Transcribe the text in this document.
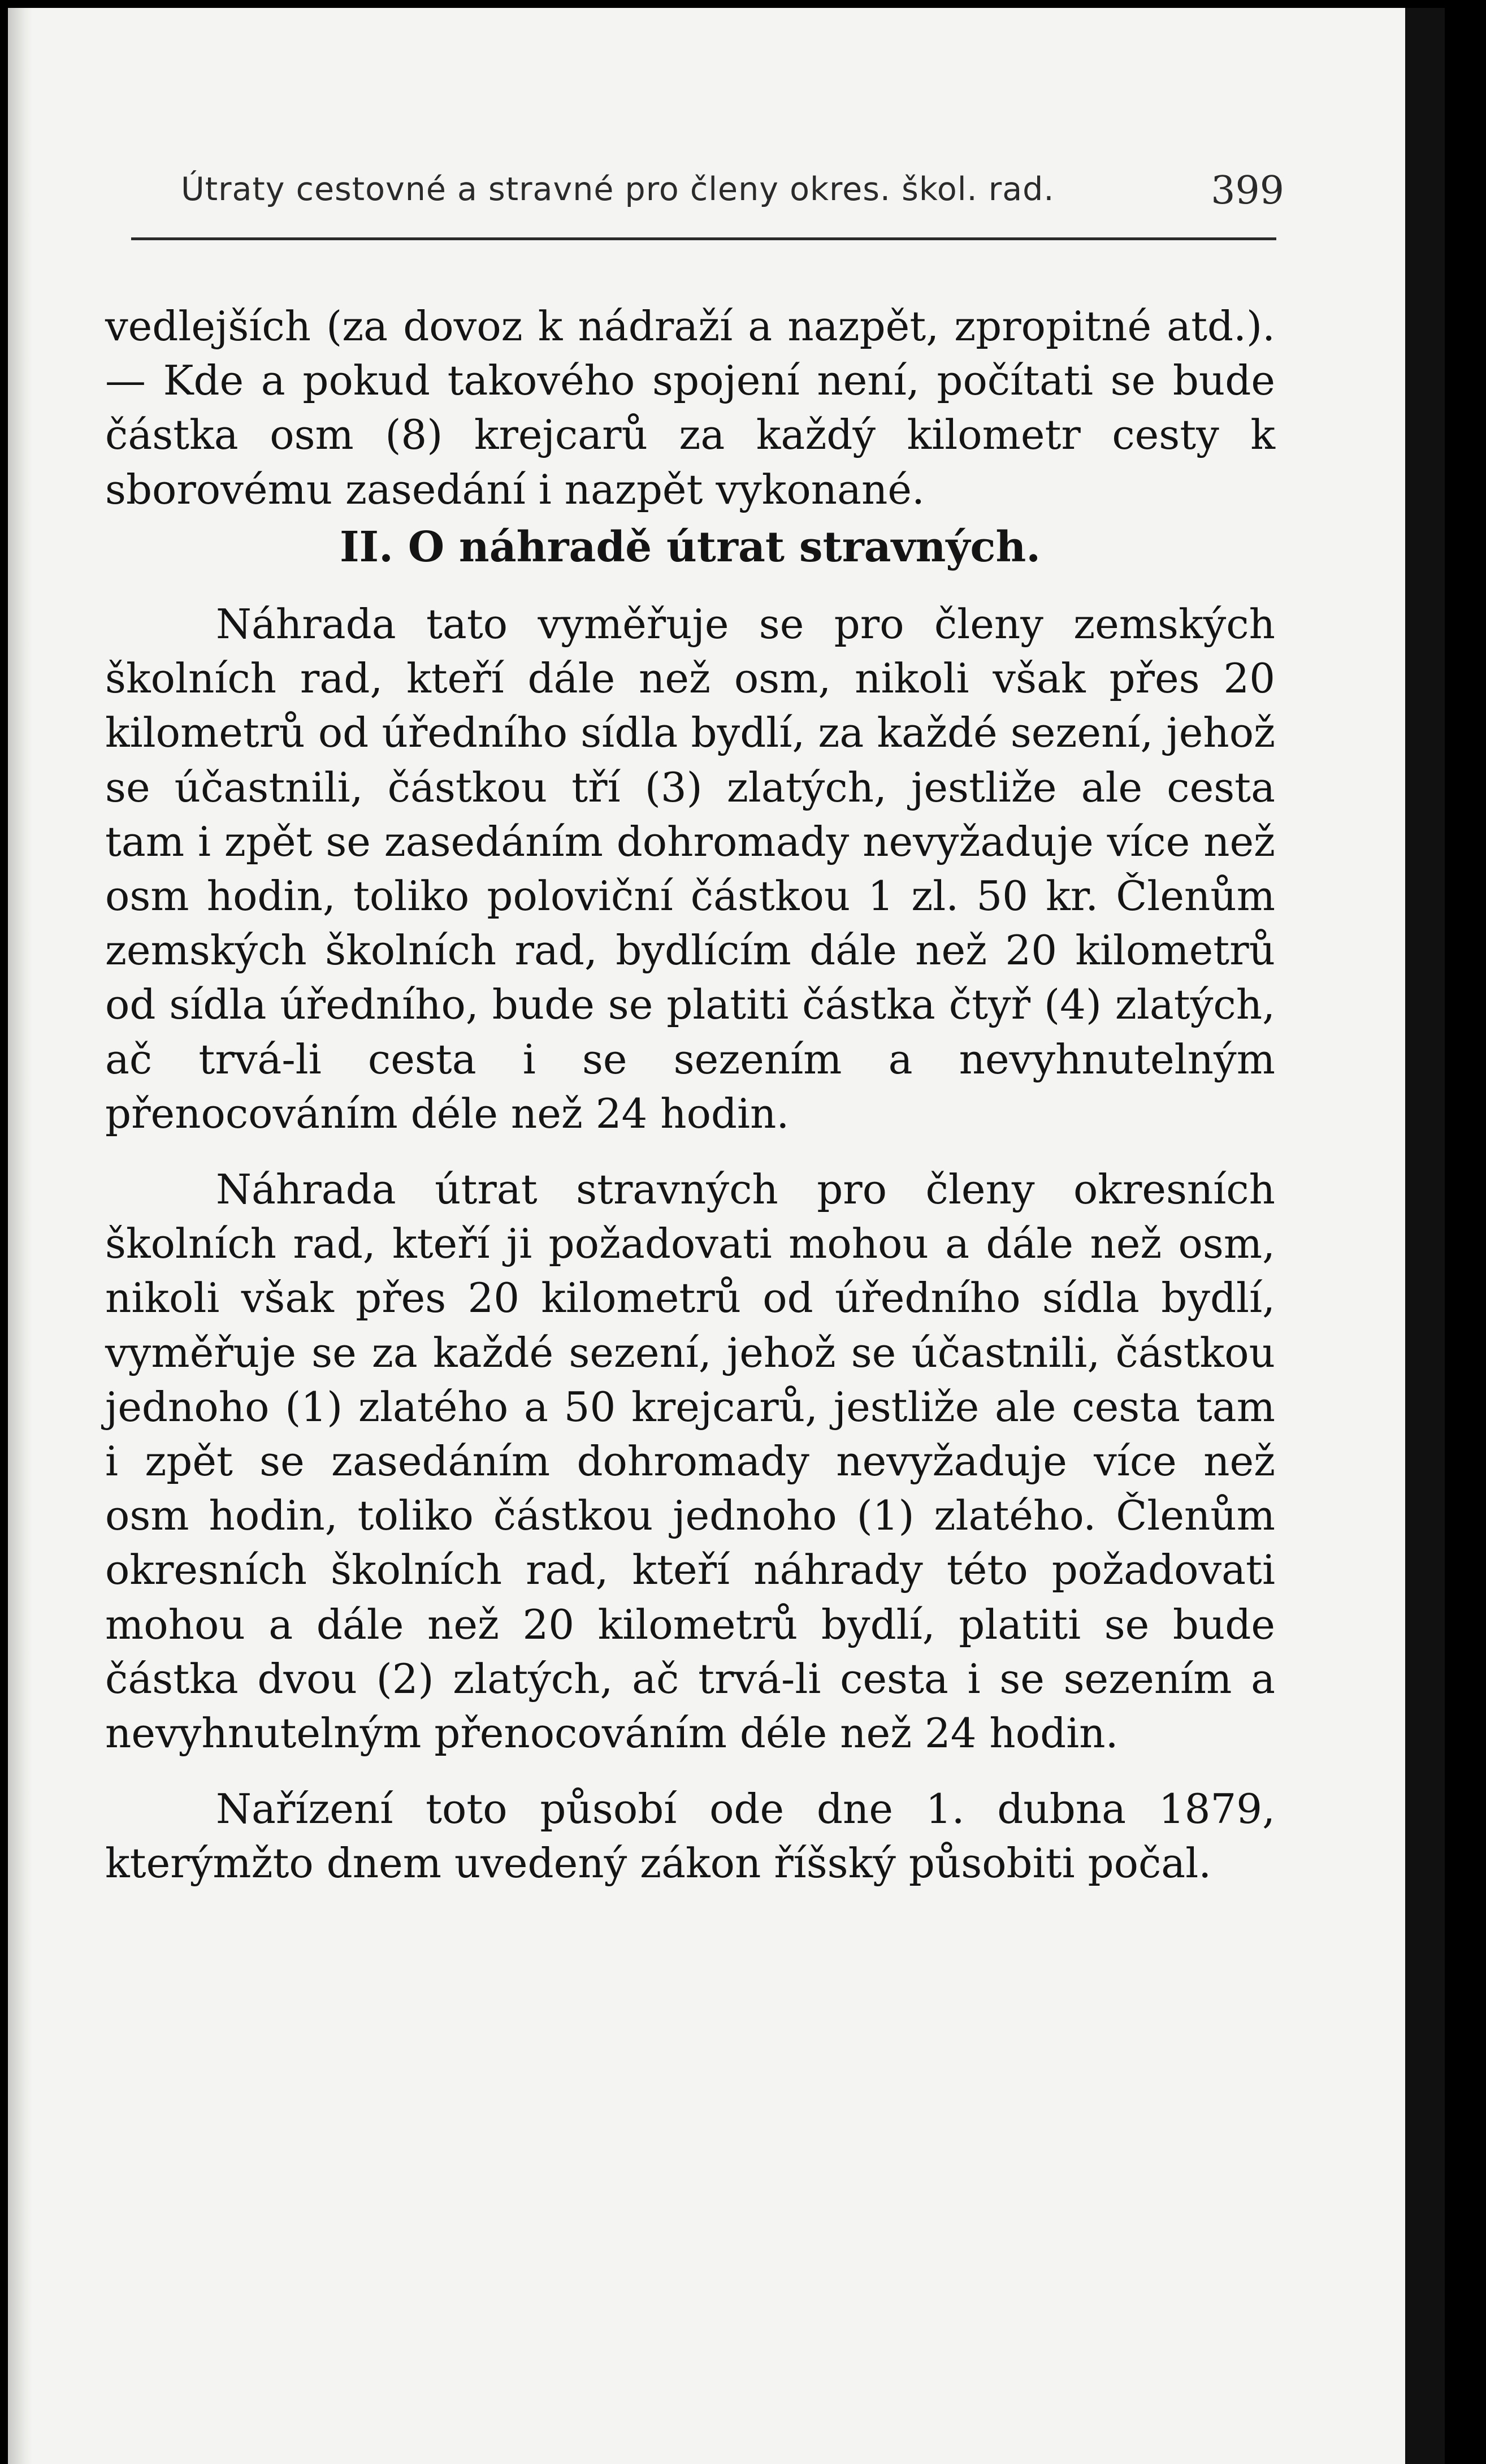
Útraty cestovné a stravné pro členy okres. škol. rad.	399

vedlejších (za dovoz k nádraží a nazpět, zpropitné atd.). — Kde a pokud takového spojení není, počítati se bude částka osm (8) krejcarů za každý kilometr cesty k sborovému zasedání i nazpět vykonané.

II. O náhradě útrat stravných.

Náhrada tato vyměřuje se pro členy zemských školních rad, kteří dále než osm, nikoli však přes 20 kilometrů od úředního sídla bydlí, za každé sezení, jehož se účastnili, částkou tří (3) zlatých, jestliže ale cesta tam i zpět se zasedáním dohromady nevyžaduje více než osm hodin, toliko poloviční částkou 1 zl. 50 kr. Členům zemských školních rad, bydlícím dále než 20 kilometrů od sídla úředního, bude se platiti částka čtyř (4) zlatých, ač trvá-li cesta i se sezením a nevyhnutelným přenocováním déle než 24 hodin.

Náhrada útrat stravných pro členy okresních školních rad, kteří ji požadovati mohou a dále než osm, nikoli však přes 20 kilometrů od úředního sídla bydlí, vyměřuje se za každé sezení, jehož se účastnili, částkou jednoho (1) zlatého a 50 krejcarů, jestliže ale cesta tam i zpět se zasedáním dohromady nevyžaduje více než osm hodin, toliko částkou jednoho (1) zlatého. Členům okresních školních rad, kteří náhrady této požadovati mohou a dále než 20 kilometrů bydlí, platiti se bude částka dvou (2) zlatých, ač trvá-li cesta i se sezením a nevyhnutelným přenocováním déle než 24 hodin.

Nařízení toto působí ode dne 1. dubna 1879, kterýmžto dnem uvedený zákon říšský působiti počal.
